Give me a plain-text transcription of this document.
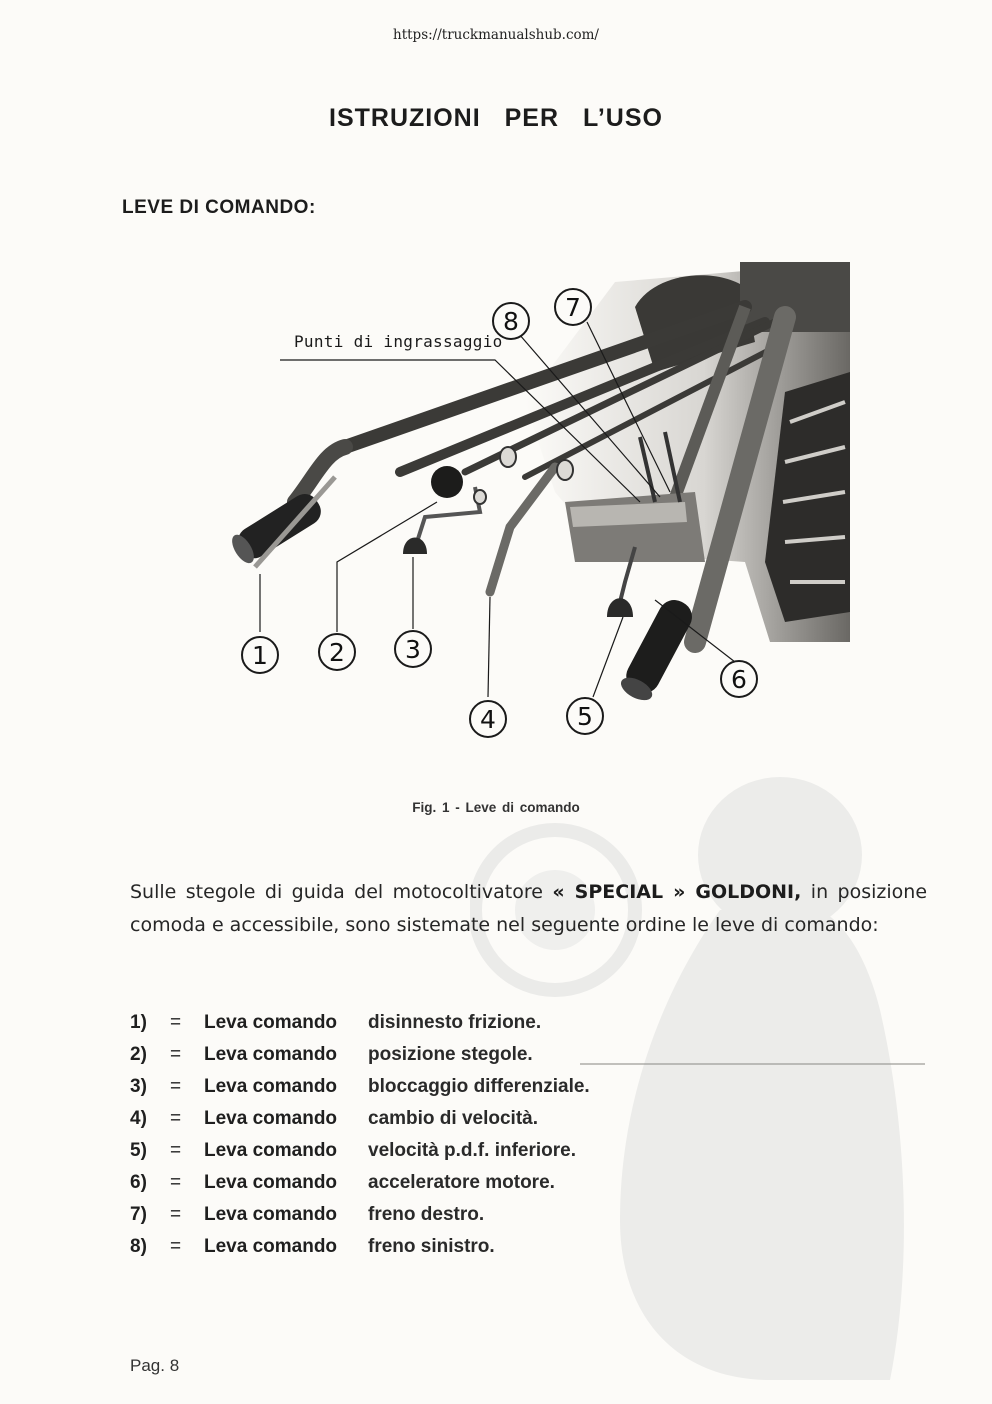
https://truckmanualshub.com/
ISTRUZIONI PER L’USO
LEVE DI COMANDO:
1	2	3
4	5
6
7
8
Punti di ingrassaggio
Fig. 1 - Leve di comando
Sulle stegole di guida del motocoltivatore « SPECIAL » GOLDONI, in posizione comoda e accessibile, sono sistemate nel seguente ordine le leve di comando:
1) = Leva comando disinnesto frizione.
2) = Leva comando posizione stegole.
3) = Leva comando bloccaggio differenziale.
4) = Leva comando cambio di velocità.
5) = Leva comando velocità p.d.f. inferiore.
6) = Leva comando acceleratore motore.
7) = Leva comando freno destro.
8) = Leva comando freno sinistro.
Pag. 8
